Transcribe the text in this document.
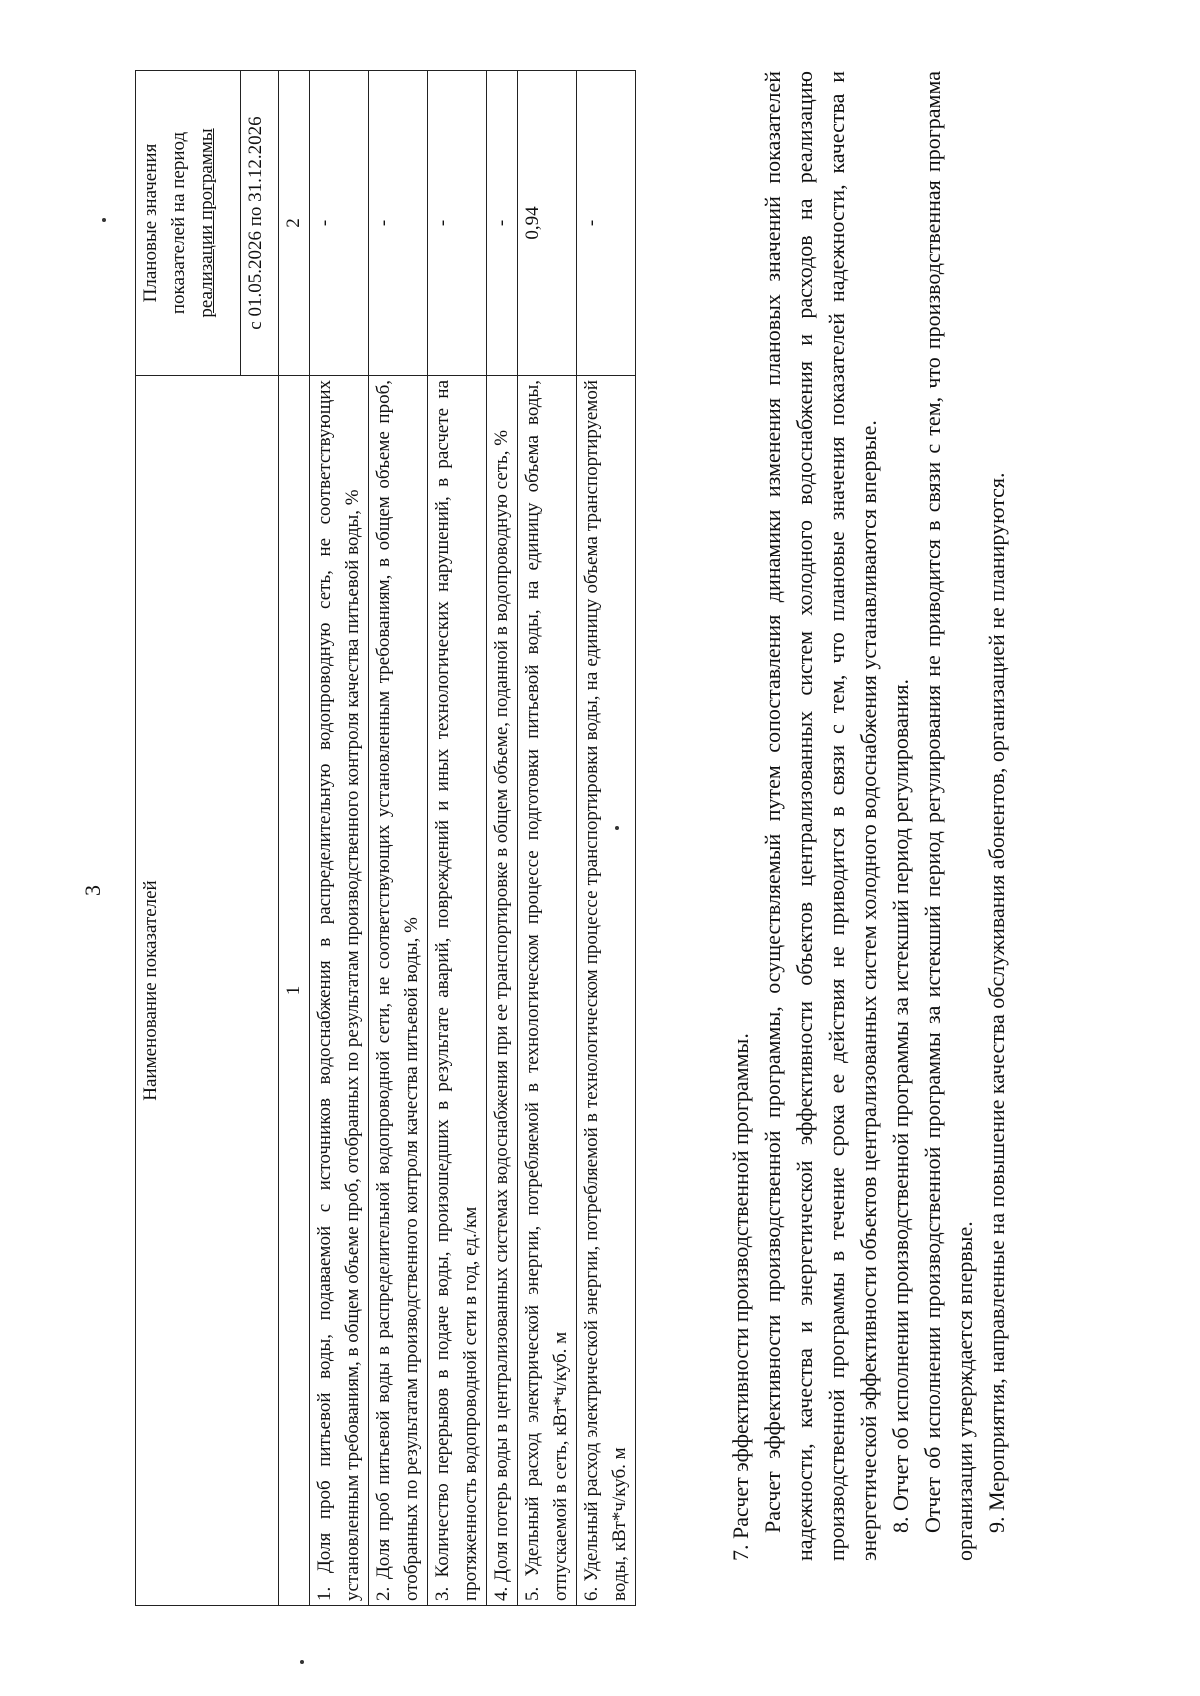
3 Наименование показателей	Плановые значения показателей на период реализации программы
	с 01.05.2026 по 31.12.2026
1	2
1. Доля проб питьевой воды, подаваемой с источников водоснабжения в распределительную водопроводную сеть, не соответствующих установленным требованиям, в общем объеме проб, отобранных по результатам производственного контроля качества питьевой воды, %	-
2. Доля проб питьевой воды в распределительной водопроводной сети, не соответствующих установленным требованиям, в общем объеме проб, отобранных по результатам производственного контроля качества питьевой воды, %	-
3. Количество перерывов в подаче воды, произошедших в результате аварий, повреждений и иных технологических нарушений, в расчете на протяженность водопроводной сети в год, ед./км	-
4. Доля потерь воды в централизованных системах водоснабжения при ее транспортировке в общем объеме, поданной в водопроводную сеть, %	-
5. Удельный расход электрической энергии, потребляемой в технологическом процессе подготовки питьевой воды, на единицу объема воды, отпускаемой в сеть, кВт*ч/куб. м	0,94
6. Удельный расход электрической энергии, потребляемой в технологическом процессе транспортировки воды, на единицу объема транспортируемой воды, кВт*ч/куб. м	-

7. Расчет эффективности производственной программы. Расчет эффективности производственной программы, осуществляемый путем сопоставления динамики изменения плановых значений показателей надежности, качества и энергетической эффективности объектов централизованных систем холодного водоснабжения и расходов на реализацию производственной программы в течение срока ее действия не приводится в связи с тем, что плановые значения показателей надежности, качества и энергетической эффективности объектов централизованных систем холодного водоснабжения устанавливаются впервые. 8. Отчет об исполнении производственной программы за истекший период регулирования. Отчет об исполнении производственной программы за истекший период регулирования не приводится в связи с тем, что производственная программа организации утверждается впервые. 9. Мероприятия, направленные на повышение качества обслуживания абонентов, организацией не планируются.
